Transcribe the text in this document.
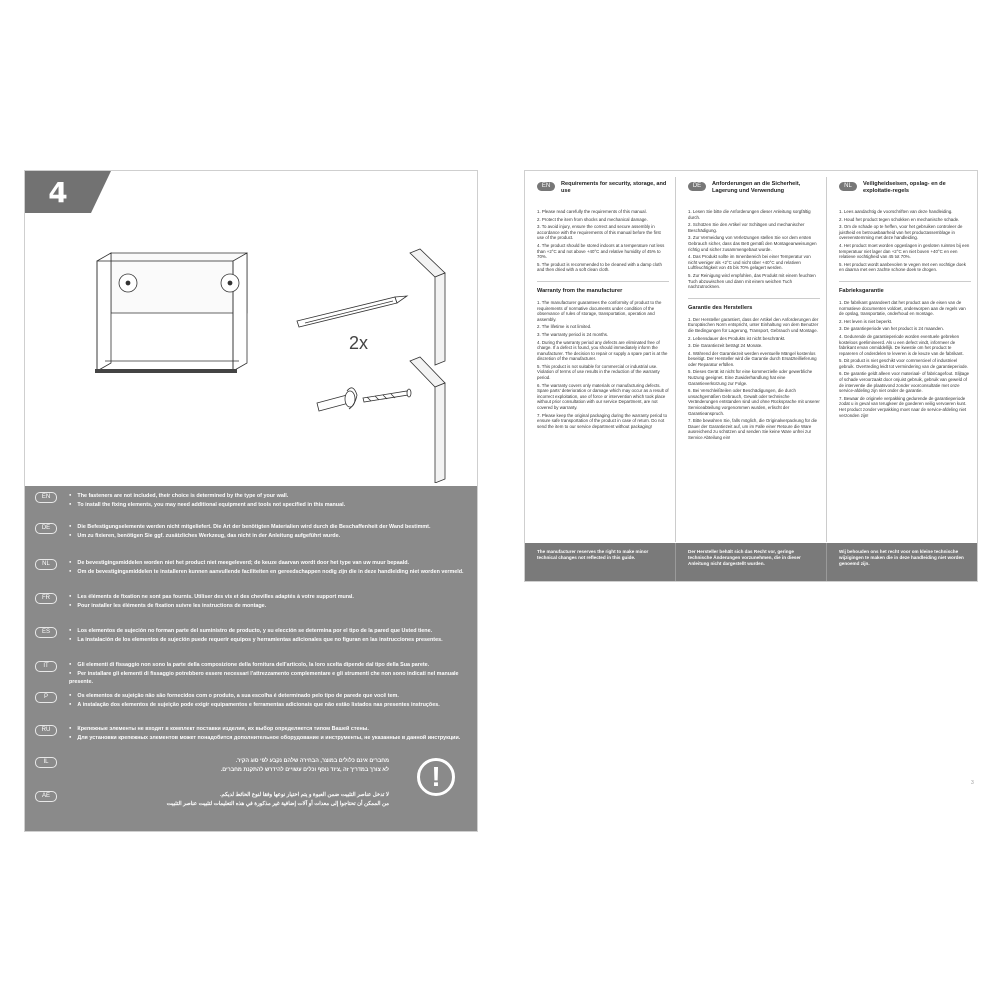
4
2x
EN	● The fasteners are not included, their choice is determined by the type of your wall.
● To install the fixing elements, you may need additional equipment and tools not specified in this manual.
DE	● Die Befestigungselemente werden nicht mitgeliefert. Die Art der benötigten Materialien wird durch die Beschaffenheit der Wand bestimmt.
● Um zu fixieren, benötigen Sie ggf. zusätzliches Werkzeug, das nicht in der Anleitung aufgeführt wurde.
NL	● De bevestigingsmiddelen worden niet het product niet meegeleverd; de keuze daarvan wordt door het type van uw muur bepaald.
● Om de bevestigingsmiddelen te installeren kunnen aanvullende faciliteiten en gereedschappen nodig zijn die in deze handleiding niet worden vermeld.
FR	● Les éléments de fixation ne sont pas fournis. Utiliser des vis et des chevilles adaptés à votre support mural.
● Pour installer les éléments de fixation suivre les instructions de montage.
ES	● Los elementos de sujeción no forman parte del suministro de producto, y su elección se determina por el tipo de la pared que Usted tiene.
● La instalación de los elementos de sujeción puede requerir equipos y herramientas adicionales que no figuran en las instrucciones presentes.
IT	● Gli elementi di fissaggio non sono la parte della composizione della fornitura dell'articolo, la loro scelta dipende dal tipo della Sua parete.
● Per installare gli elementi di fissaggio potrebbero essere necessari l'attrezzamento complementare e gli strumenti che non sono indicati nel manuale presente.
P	● Os elementos de sujeição não são fornecidos com o produto, a sua escolha é determinado pelo tipo de parede que você tem.
● A instalação dos elementos de sujeição pode exigir equipamentos e ferramentas adicionais que não estão listados nas presentes instruções.
RU	● Крепежные элементы не входят в комплект поставки изделия, их выбор определяется типом Вашей стены.
● Для установки крепежных элементов может понадобится дополнительное оборудование и инструменты, не указанные в данной инструкции.
IL	מחברים אינם כלולים במוצר, הבחירה שלהם נקבע לפי סוג הקיר.
לא צורך במדריך זה ,ציוד נוסף וכלים עשויים להידרש להתקנת מחברים.
AE	لا تدخل عناصر التثبيت ضمن العبوة و يتم اختيار نوعها وفقا لنوع الحائط لديكم.
من الممكن أن تحتاجوا إلى معدات أو آلات إضافية غير مذكورة في هذه التعليمات لتثبيت عناصر التثبيت
!
EN	Requirements for security, storage, and use
1. Please read carefully the requirements of this manual.
2. Protect the item from shocks and mechanical damage.
3. To avoid injury, ensure the correct and secure assembly in accordance with the requirements of this manual before the first use of the product.
4. The product should be stored indoors at a temperature not less than +2°C and not above +40°C and relative humidity of 45% to 70%.
5. The product is recommended to be cleaned with a damp cloth and then dried with a soft clean cloth.
Warranty from the manufacturer
1. The manufacturer guarantees the conformity of product to the requirements of normative documents under condition of the observance of rules of storage, transportation, operation and assembly.
2. The lifetime is not limited.
3. The warranty period is 24 months.
4. During the warranty period any defects are eliminated free of charge. If a defect is found, you should immediately inform the manufacturer. The decision to repair or supply a spare part is at the discretion of the manufacturer.
5. This product is not suitable for commercial or industrial use. Violation of terms of use results in the reduction of the warranty period.
6. The warranty covers only materials or manufacturing defects. Spare parts' deterioration or damage which may occur as a result of incorrect exploitation, use of force or intervention which took place without prior consultation with our service Department, are not covered by warranty.
7. Please keep the original packaging during the warranty period to ensure safe transportation of the product in case of return. Do not send the item to our service department without packaging!
DE	Anforderungen an die Sicherheit, Lagerung und Verwendung
1. Lesen Sie bitte die Anforderungen dieser Anleitung sorgfältig durch.
2. Schützen Sie den Artikel vor Schlägen und mechanischer Beschädigung.
3. Zur Vermeidung von Verletzungen stellen Sie vor dem ersten Gebrauch sicher, dass das Bett gemäß den Montageanweisungen richtig und sicher zusammengebaut wurde.
4. Das Produkt sollte im Innenbereich bei einer Temperatur von nicht weniger als +2°C und nicht über +40°C und relativen Luftfeuchtigkeit von 45 bis 70% gelagert werden.
5. Zur Reinigung wird empfohlen, das Produkt mit einem feuchten Tuch abzuwischen und dann mit einem weichen Tuch nachzutrocknen.
Garantie des Herstellers
1. Der Hersteller garantiert, dass der Artikel den Anforderungen der Europäischen Norm entspricht, unter Einhaltung von dem Benutzer die Bedingungen für Lagerung, Transport, Gebrauch und Montage.
2. Lebensdauer des Produkts ist nicht beschränkt.
3. Die Garantiezeit beträgt 24 Monate.
4. Während der Garantiezeit werden eventuelle Mängel kostenlos beseitigt. Der Hersteller wird die Garantie durch Ersatzteillieferung oder Reparatur erfüllen.
5. Dieses Gerät ist nicht für eine kommerzielle oder gewerbliche Nutzung geeignet. Eine Zuwiderhandlung hat eine Garantieverkürzung zur Folge.
6. Bei Verschleißteilen oder Beschädigungen, die durch unsachgemäßen Gebrauch, Gewalt oder technische Veränderungen entstanden sind und ohne Rücksprache mit unserer Serviceabteilung vorgenommen wurden, erlischt der Garantieanspruch.
7. Bitte bewahren Sie, falls möglich, die Originalverpackung für die Dauer der Garantiezeit auf, um im Falle einer Retoure die Ware ausreichend zu schützen und senden Sie keine Ware unfrei zur Service Abteilung ein!
NL	Veiligheidseisen, opslag- en de exploitatie-regels
1. Lees aandachtig de voorschriften van deze handleiding.
2. Houd het product tegen schokken en mechanische schade.
3. Om de schade op te heffen, voor het gebruiken controleer de juistheid en betrouwbaarheid van het productassemblage in overeenstemming met deze handleiding.
4. Het product moet worden opgeslagen in gesloten ruimtes bij een temperatuur niet lager dan +2°C en niet boven +40°C en een relatieve vochtigheid van 45 tot 70%.
5. Het product wordt aanbevolen te vegen met een vochtige doek en daarna met een zachte schone doek te drogen.
Fabrieksgarantie
1. De fabrikant garandeert dat het product aan de eisen van de normatieve documenten voldoet, onderworpen aan de regels van de opslag, transportatie, onderhoud en montage.
2. Het leven is niet beperkt.
3. De garantieperiode van het product is 24 maanden.
4. Gedurende de garantieperiode worden eventuele gebreken kosteloos geëlimineerd. Als u een defect vindt, informeer de fabrikant ervan onmiddellijk. De kwestie om het product te repareren of onderdelen te leveren is de keuze van de fabrikant.
5. Dit product is niet geschikt voor commercieel of industrieel gebruik. Overtreding leidt tot vermindering van de garantieperiode.
6. De garantie geldt alleen voor materiaal- of fabricagefout. Slijtage of schade veroorzaakt door onjuist gebruik, gebruik van geweld of de interventie die plaatsvond zonder voorconsultatie met onze service-afdeling zijn niet onder de garantie.
7. Bewaar de originele verpakking gedurende de garantieperiode zodat u in geval van terugkeer de goederen veilig vervoeren kunt. Het product zonder verpakking moet naar de service-afdeling niet verzonden zijn!
The manufacturer reserves the right to make minor technical changes not reflected in this guide.
Der Hersteller behält sich das Recht vor, geringe technische Änderungen vorzunehmen, die in dieser Anleitung nicht dargestellt wurden.
Wij behouden ons het recht voor om kleine technische wijzigingen te maken die in deze handleiding niet worden genoemd zijn.
3
